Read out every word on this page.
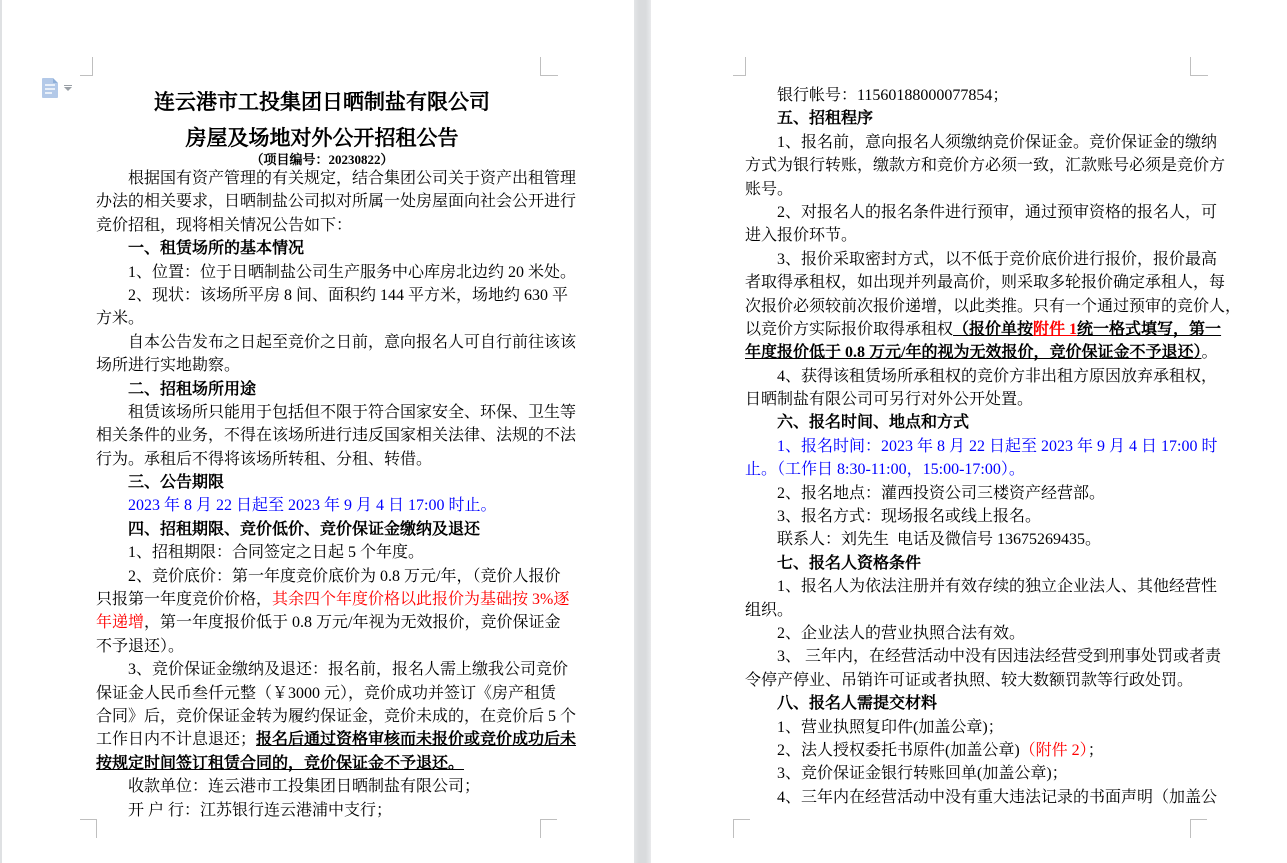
连云港市工投集团日晒制盐有限公司
房屋及场地对外公开招租公告
（项目编号：20230822）
根据国有资产管理的有关规定，结合集团公司关于资产出租管理
办法的相关要求，日晒制盐公司拟对所属一处房屋面向社会公开进行
竞价招租，现将相关情况公告如下：
一、租赁场所的基本情况
1、位置：位于日晒制盐公司生产服务中心库房北边约 20 米处。
2、现状：该场所平房 8 间、面积约 144 平方米，场地约 630 平
方米。
自本公告发布之日起至竞价之日前，意向报名人可自行前往该该
场所进行实地勘察。
二、招租场所用途
租赁该场所只能用于包括但不限于符合国家安全、环保、卫生等
相关条件的业务，不得在该场所进行违反国家相关法律、法规的不法
行为。承租后不得将该场所转租、分租、转借。
三、公告期限
2023 年 8 月 22 日起至 2023 年 9 月 4 日 17:00 时止。
四、招租期限、竞价低价、竞价保证金缴纳及退还
1、招租期限：合同签定之日起 5 个年度。
2、竞价底价：第一年度竞价底价为 0.8 万元/年，（竞价人报价
只报第一年度竞价价格，其余四个年度价格以此报价为基础按 3%逐
年递增，第一年度报价低于 0.8 万元/年视为无效报价，竞价保证金
不予退还）。
3、竞价保证金缴纳及退还：报名前，报名人需上缴我公司竞价
保证金人民币叁仟元整（￥3000 元），竞价成功并签订《房产租赁
合同》后，竞价保证金转为履约保证金，竞价未成的，在竞价后 5 个
工作日内不计息退还；报名后通过资格审核而未报价或竞价成功后未
按规定时间签订租赁合同的，竞价保证金不予退还。
收款单位：连云港市工投集团日晒制盐有限公司；
开 户 行：江苏银行连云港浦中支行；
银行帐号：11560188000077854；
五、招租程序
1、报名前，意向报名人须缴纳竞价保证金。竞价保证金的缴纳
方式为银行转账，缴款方和竞价方必须一致，汇款账号必须是竞价方
账号。
2、对报名人的报名条件进行预审，通过预审资格的报名人，可
进入报价环节。
3、报价采取密封方式，以不低于竞价底价进行报价，报价最高
者取得承租权，如出现并列最高价，则采取多轮报价确定承租人，每
次报价必须较前次报价递增，以此类推。只有一个通过预审的竞价人，
以竞价方实际报价取得承租权（报价单按附件 1统一格式填写，第一
年度报价低于 0.8 万元/年的视为无效报价，竞价保证金不予退还）。
4、获得该租赁场所承租权的竞价方非出租方原因放弃承租权，
日晒制盐有限公司可另行对外公开处置。
六、报名时间、地点和方式
1、报名时间：2023 年 8 月 22 日起至 2023 年 9 月 4 日 17:00 时
止。（工作日 8:30-11:00，15:00-17:00）。
2、报名地点：灌西投资公司三楼资产经营部。
3、报名方式：现场报名或线上报名。
联系人：刘先生  电话及微信号 13675269435。
七、报名人资格条件
1、报名人为依法注册并有效存续的独立企业法人、其他经营性
组织。
2、企业法人的营业执照合法有效。
3、 三年内，在经营活动中没有因违法经营受到刑事处罚或者责
令停产停业、吊销许可证或者执照、较大数额罚款等行政处罚。
八、报名人需提交材料
1、营业执照复印件(加盖公章)；
2、法人授权委托书原件(加盖公章)（附件 2）；
3、竞价保证金银行转账回单(加盖公章)；
4、三年内在经营活动中没有重大违法记录的书面声明（加盖公
